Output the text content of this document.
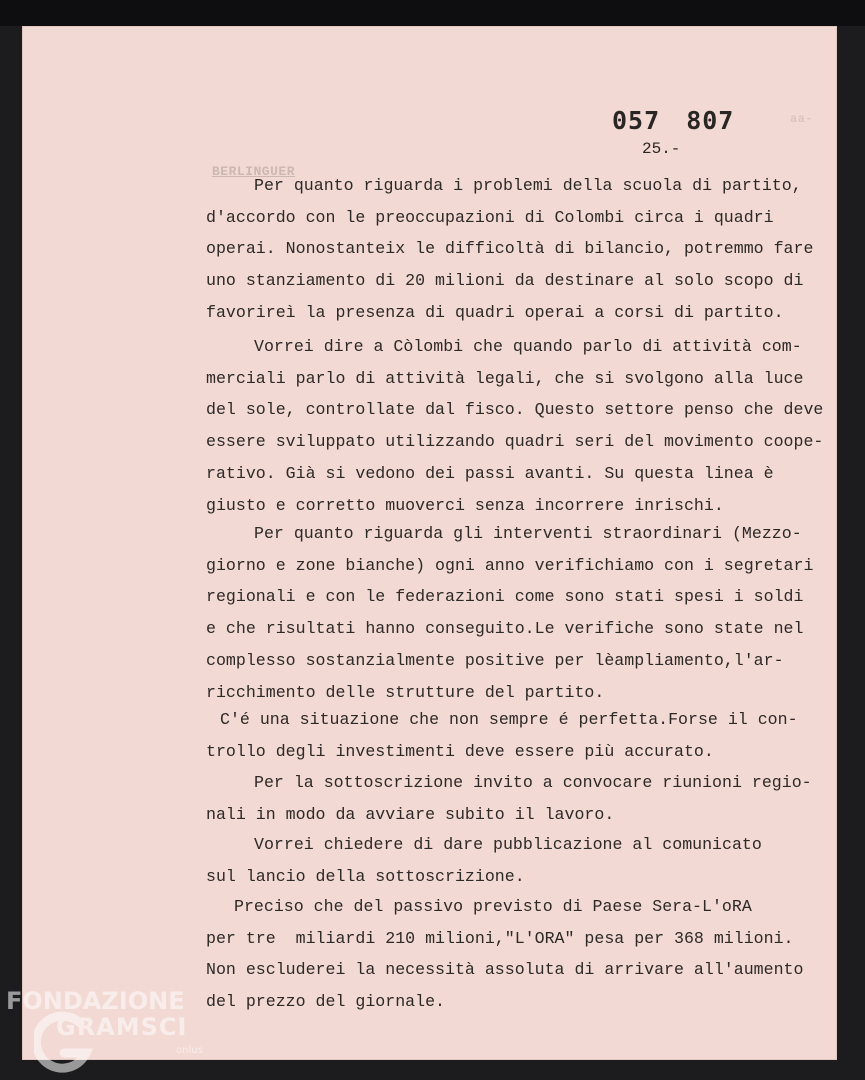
aa-
057 807
25.-
BERLINGUER
Per quanto riguarda i problemi della scuola di partito,
d'accordo con le preoccupazioni di Colombi circa i quadri
operai. Nonostanteix le difficoltà di bilancio, potremmo fare
uno stanziamento di 20 milioni da destinare al solo scopo di
favorireì la presenza di quadri operai a corsi di partito.
Vorrei dire a Còlombi che quando parlo di attività com-
merciali parlo di attività legali, che si svolgono alla luce
del sole, controllate dal fisco. Questo settore penso che deve
essere sviluppato utilizzando quadri seri del movimento coope-
rativo. Già si vedono dei passi avanti. Su questa linea è
giusto e corretto muoverci senza incorrere inrischi.
Per quanto riguarda gli interventi straordinari (Mezzo-
giorno e zone bianche) ogni anno verifichiamo con i segretari
regionali e con le federazioni come sono stati spesi i soldi
e che risultati hanno conseguito.Le verifiche sono state nel
complesso sostanzialmente positive per lèampliamento,l'ar-
ricchimento delle strutture del partito.
C'é una situazione che non sempre é perfetta.Forse il con-
trollo degli investimenti deve essere più accurato.
Per la sottoscrizione invito a convocare riunioni regio-
nali in modo da avviare subito il lavoro.
Vorrei chiedere di dare pubblicazione al comunicato
sul lancio della sottoscrizione.
Preciso che del passivo previsto di Paese Sera-L'oRA
per tre  miliardi 210 milioni,"L'ORA" pesa per 368 milioni.
Non escluderei la necessità assoluta di arrivare all'aumento
del prezzo del giornale.
FONDAZIONE
GRAMSCI
onlus
